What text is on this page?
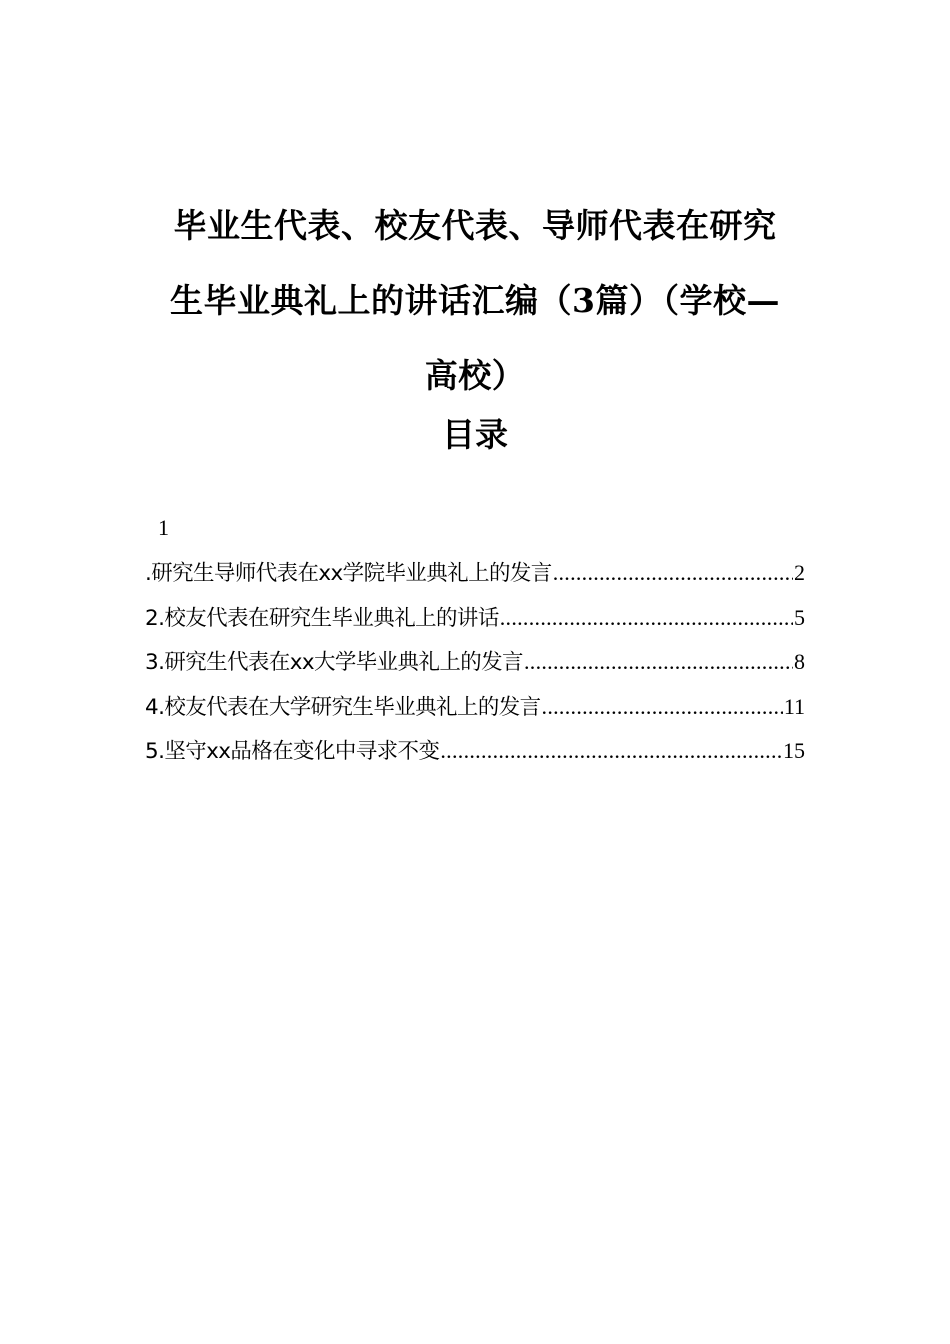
毕业生代表、校友代表、导师代表在研究
生毕业典礼上的讲话汇编（3篇）（学校—
高校）
目录
1
.研究生导师代表在xx学院毕业典礼上的发言 .....	2
2.校友代表在研究生毕业典礼上的讲话 .....	5
3.研究生代表在xx大学毕业典礼上的发言 .....	8
4.校友代表在大学研究生毕业典礼上的发言 .....	11
5.坚守xx品格在变化中寻求不变 .....	15
